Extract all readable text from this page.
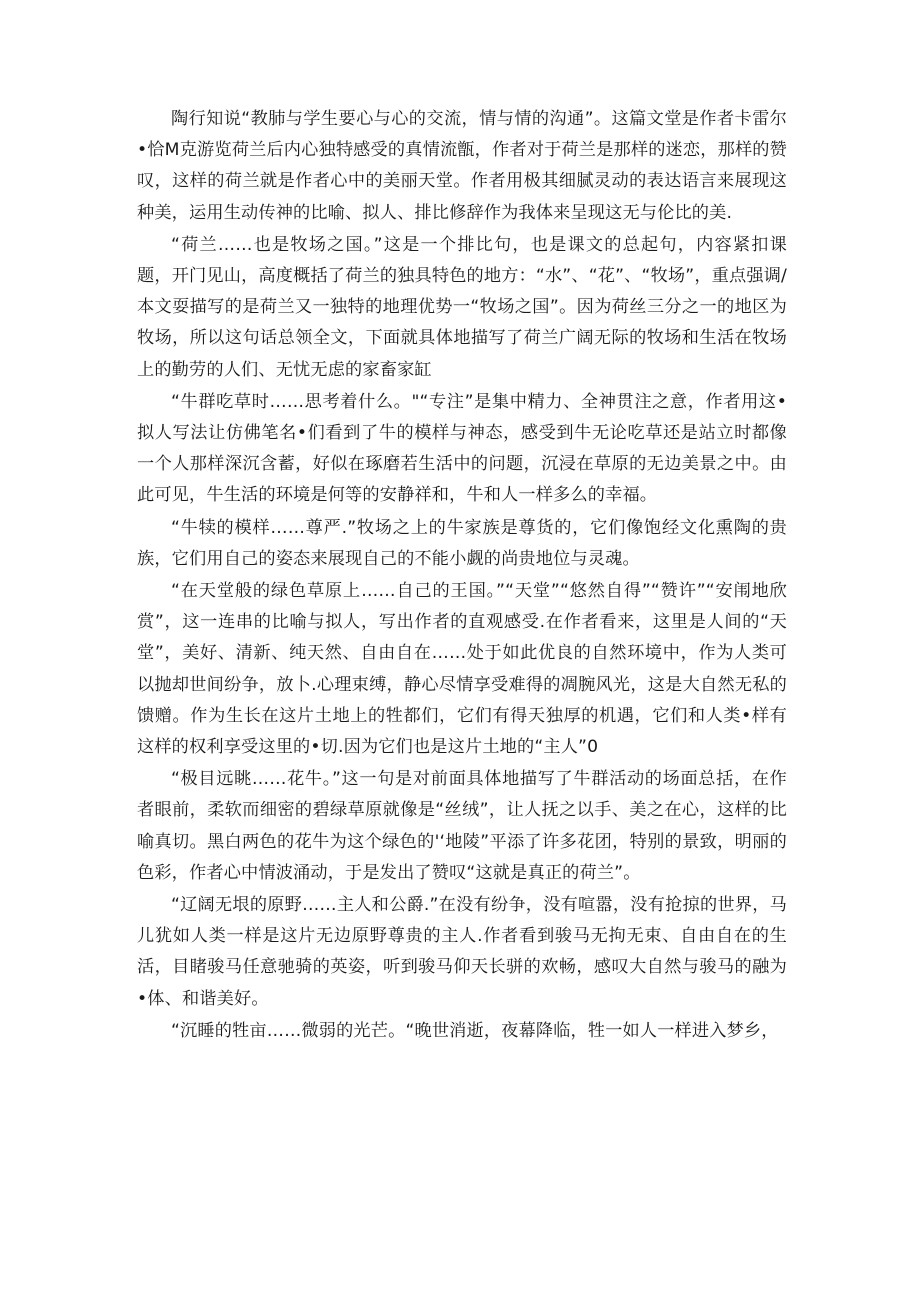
陶行知说“教肺与学生要心与心的交流，情与情的沟通”。这篇文堂是作者卡雷尔•恰M克游览荷兰后内心独特感受的真情流甑，作者对于荷兰是那样的迷恋，那样的赞叹，这样的荷兰就是作者心中的美丽天堂。作者用极其细腻灵动的表达语言来展现这种美，运用生动传神的比喻、拟人、排比修辞作为我体来呈现这无与伦比的美.

“荷兰……也是牧场之国。”这是一个排比句，也是课文的总起句，内容紧扣课题，开门见山，高度概括了荷兰的独具特色的地方：“水”、“花”、“牧场”，重点强调/本文耍描写的是荷兰又一独特的地理优势一“牧场之国”。因为荷丝三分之一的地区为牧场，所以这句话总领全文，下面就具体地描写了荷兰广阔无际的牧场和生活在牧场上的勤劳的人们、无忧无虑的家畜家缸

“牛群吃草时……思考着什么。"“专注”是集中精力、全神贯注之意，作者用这•拟人写法让仿佛笔名•们看到了牛的模样与神态，感受到牛无论吃草还是站立时都像一个人那样深沉含蓄，好似在琢磨若生活中的问题，沉浸在草原的无边美景之中。由此可见，牛生活的环境是何等的安静祥和，牛和人一样多么的幸福。

“牛犊的模样……尊严.”牧场之上的牛家族是尊货的，它们像饱经文化熏陶的贵族，它们用自己的姿态来展现自己的不能小觑的尚贵地位与灵魂。

“在天堂般的绿色草原上……自己的王国。”“天堂”“悠然自得”“赞许”“安闱地欣赏”，这一连串的比喻与拟人，写出作者的直观感受.在作者看来，这里是人间的“天堂”，美好、清新、纯天然、自由自在……处于如此优良的自然环境中，作为人类可以抛却世间纷争，放卜.心理束缚，静心尽情享受难得的凋腕风光，这是大自然无私的馈赠。作为生长在这片土地上的牲都们，它们有得天独厚的机遇，它们和人类•样有这样的权利享受这里的•切.因为它们也是这片土地的“主人”0

“极目远眺……花牛。”这一句是对前面具体地描写了牛群活动的场面总括，在作者眼前，柔软而细密的碧绿草原就像是“丝绒”，让人抚之以手、美之在心，这样的比喻真切。黑白两色的花牛为这个绿色的'‘地陵”平添了许多花团，特别的景致，明丽的色彩，作者心中情波涌动，于是发出了赞叹“这就是真正的荷兰”。

“辽阔无垠的原野……主人和公爵.”在没有纷争，没有喧嚣，没有抢掠的世界，马儿犹如人类一样是这片无边原野尊贵的主人.作者看到骏马无拘无束、自由自在的生活，目睹骏马任意驰骑的英姿，听到骏马仰天长骈的欢畅，感叹大自然与骏马的融为•体、和谐美好。

“沉睡的牲亩……微弱的光芒。“晚世消逝，夜幕降临，牲一如人一样进入梦乡，
